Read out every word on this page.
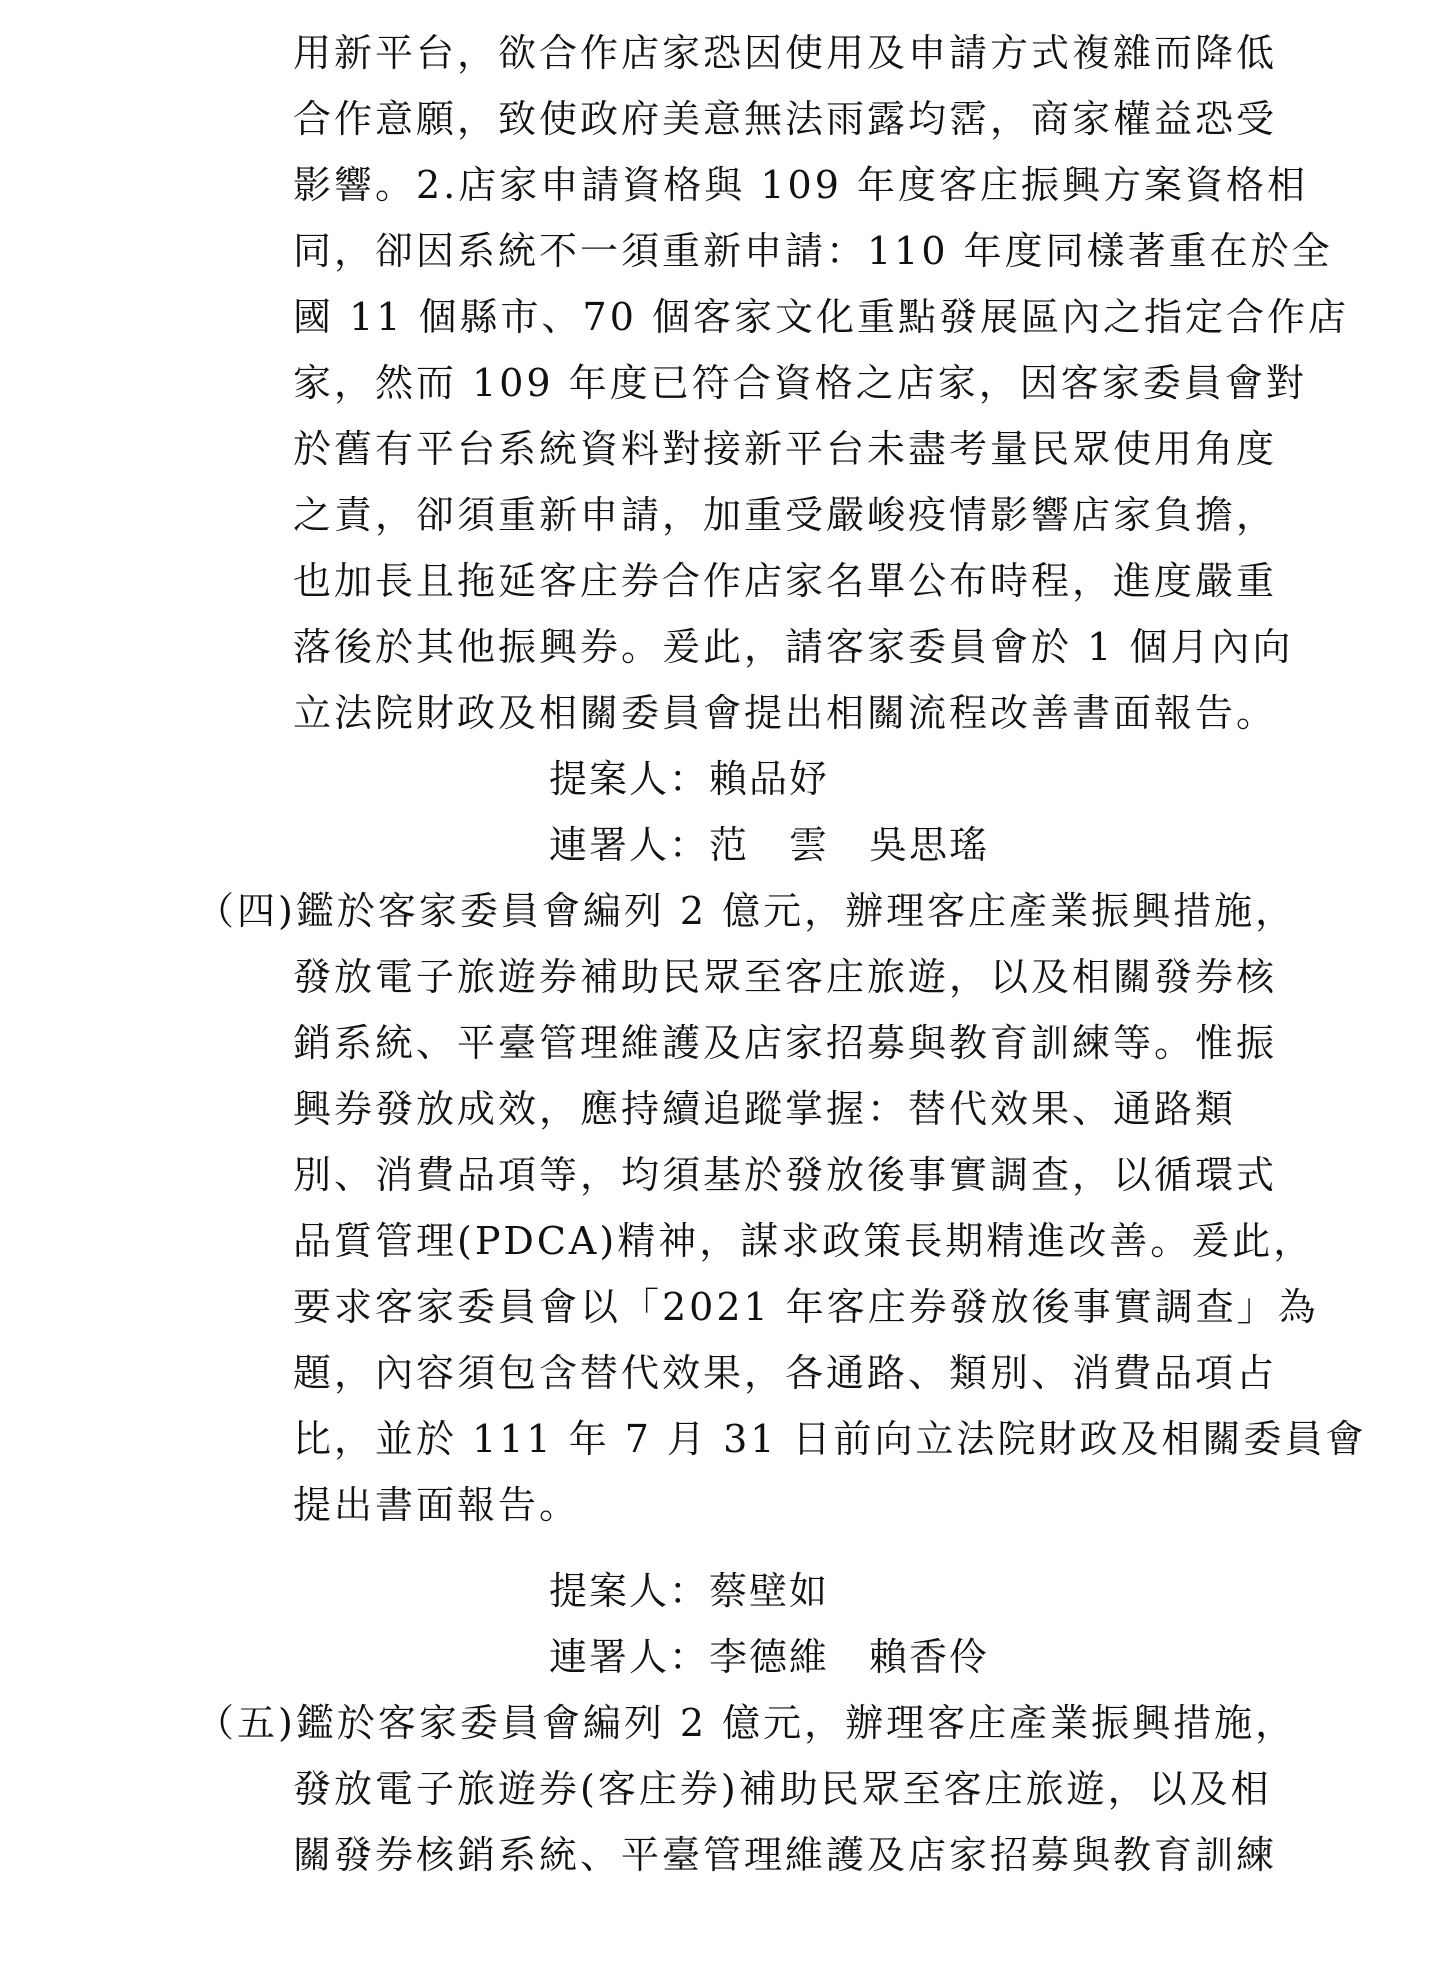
用新平台，欲合作店家恐因使用及申請方式複雜而降低
合作意願，致使政府美意無法雨露均霑，商家權益恐受
影響。2.店家申請資格與 109 年度客庄振興方案資格相
同，卻因系統不一須重新申請：110 年度同樣著重在於全
國 11 個縣市、70 個客家文化重點發展區內之指定合作店
家，然而 109 年度已符合資格之店家，因客家委員會對
於舊有平台系統資料對接新平台未盡考量民眾使用角度
之責，卻須重新申請，加重受嚴峻疫情影響店家負擔，
也加長且拖延客庄券合作店家名單公布時程，進度嚴重
落後於其他振興券。爰此，請客家委員會於 1 個月內向
立法院財政及相關委員會提出相關流程改善書面報告。
提案人：賴品妤
連署人：范　雲　吳思瑤
（四)鑑於客家委員會編列 2 億元，辦理客庄產業振興措施，
發放電子旅遊券補助民眾至客庄旅遊，以及相關發券核
銷系統、平臺管理維護及店家招募與教育訓練等。惟振
興券發放成效，應持續追蹤掌握：替代效果、通路類
別、消費品項等，均須基於發放後事實調查，以循環式
品質管理(PDCA)精神，謀求政策長期精進改善。爰此，
要求客家委員會以「2021 年客庄券發放後事實調查」為
題，內容須包含替代效果，各通路、類別、消費品項占
比，並於 111 年 7 月 31 日前向立法院財政及相關委員會
提出書面報告。
提案人：蔡壁如
連署人：李德維　賴香伶
（五)鑑於客家委員會編列 2 億元，辦理客庄產業振興措施，
發放電子旅遊券(客庄券)補助民眾至客庄旅遊，以及相
關發券核銷系統、平臺管理維護及店家招募與教育訓練
